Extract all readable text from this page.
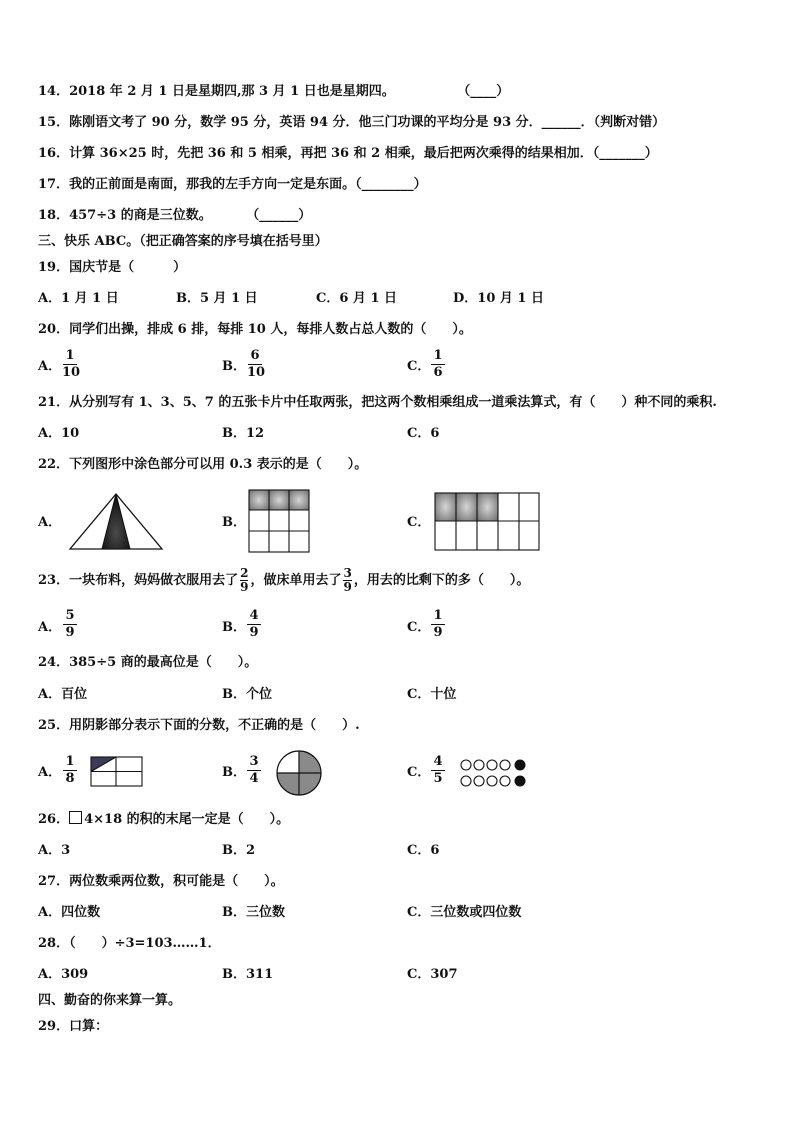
14．2018 年 2 月 1 日是星期四,那 3 月 1 日也是星期四。	（____）
15．陈刚语文考了 90 分，数学 95 分，英语 94 分．他三门功课的平均分是 93 分．______．（判断对错）
16．计算 36×25 时，先把 36 和 5 相乘，再把 36 和 2 相乘，最后把两次乘得的结果相加．（_______）
17．我的正前面是南面，那我的左手方向一定是东面。（________）
18．457÷3 的商是三位数。	（______）
三、快乐 ABC。（把正确答案的序号填在括号里）
19．国庆节是（　　　）
A．1 月 1 日	B．5 月 1 日	C．6 月 1 日	D．10 月 1 日
20．同学们出操，排成 6 排，每排 10 人，每排人数占总人数的（　　）。
A．
1
10	B．
6
10	C．
1
6
21．从分别写有 1、3、5、7 的五张卡片中任取两张，把这两个数相乘组成一道乘法算式，有（　　）种不同的乘积.
A．10	B．12	C．6
22．下列图形中涂色部分可以用 0.3 表示的是（　　）。
A．	B．	C．
23．一块布料，妈妈做衣服用去了 $\frac{2}{9}$ ，做床单用去了 $\frac{3}{9}$ ，用去的比剩下的多（　　）。
A．
5
9	B．
4
9	C．
1
9
24．385÷5 商的最高位是（　　）。
A．百位	B．个位	C．十位
25．用阴影部分表示下面的分数，不正确的是（　　）.
A．
1
8	B．
3
4	C．
4
5
26． 4×18 的积的末尾一定是（　　）。
A．3	B．2	C．6
27．两位数乘两位数，积可能是（　　）。
A．四位数	B．三位数	C．三位数或四位数
28．（　　）÷3=103……1．
A．309	B．311	C．307
四、勤奋的你来算一算。
29．口算：
